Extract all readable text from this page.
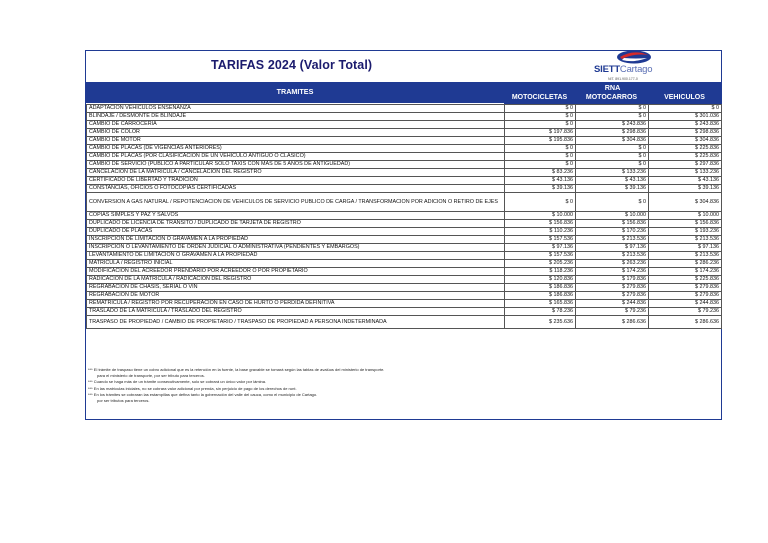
TARIFAS 2024 (Valor Total)	SIETTCartago
NIT. 891.900.177-0
TRAMITES	RNA
MOTOCICLETAS	MOTOCARROS	VEHICULOS
ADAPTACION VEHICULOS ENSEÑANZA	$ 0	$ 0	$ 0
BLINDAJE / DESMONTE DE BLINDAJE	$ 0	$ 0	$ 301.036
CAMBIO DE CARROCERIA	$ 0	$ 243.836	$ 243.836
CAMBIO DE COLOR	$ 197.836	$ 298.836	$ 298.836
CAMBIO DE MOTOR	$ 195.836	$ 304.836	$ 304.836
CAMBIO DE PLACAS (DE VIGENCIAS ANTERIORES)	$ 0	$ 0	$ 225.836
CAMBIO DE PLACAS (POR CLASIFICACION DE UN VEHICULO ANTIGUO O CLASICO)	$ 0	$ 0	$ 225.836
CAMBIO DE SERVICIO (PUBLICO A PARTICULAR SOLO TAXIS CON MAS DE 5 AÑOS DE ANTIGUEDAD)	$ 0	$ 0	$ 297.836
CANCELACION DE LA MATRICULA / CANCELACION DEL REGISTRO	$ 83.236	$ 133.236	$ 133.236
CERTIFICADO DE LIBERTAD Y TRADICION	$ 43.136	$ 43.136	$ 43.136
CONSTANCIAS, OFICIOS O FOTOCOPIAS CERTIFICADAS	$ 39.136	$ 39.136	$ 39.136
CONVERSION A GAS NATURAL / REPOTENCIACION DE VEHICULOS DE SERVICIO PUBLICO DE CARGA / TRANSFORMACION POR ADICION O RETIRO DE EJES	$ 0	$ 0	$ 304.836
COPIAS SIMPLES Y PAZ Y SALVOS	$ 10.000	$ 10.000	$ 10.000
DUPLICADO DE LICENCIA DE TRANSITO / DUPLICADO DE TARJETA DE REGISTRO	$ 156.836	$ 156.836	$ 156.836
DUPLICADO DE PLACAS	$ 110.236	$ 170.236	$ 193.236
INSCRIPCION DE LIMITACION O GRAVAMEN A LA PROPIEDAD	$ 157.536	$ 213.536	$ 213.536
INSCRIPCION O LEVANTAMIENTO DE ORDEN JUDICIAL O ADMINISTRATIVA (PENDIENTES Y EMBARGOS)	$ 97.136	$ 97.136	$ 97.136
LEVANTAMIENTO DE LIMITACION O GRAVAMEN A LA PROPIEDAD	$ 157.536	$ 213.536	$ 213.536
MATRICULA / REGISTRO INICIAL	$ 205.236	$ 263.236	$ 286.236
MODIFICACION DEL ACREEDOR PRENDARIO POR ACREEDOR O POR PROPIETARIO	$ 118.236	$ 174.236	$ 174.236
RADICACION DE LA MATRICULA / RADICACION DEL REGISTRO	$ 120.836	$ 179.836	$ 225.836
REGRABACION DE CHASIS, SERIAL O VIN	$ 186.836	$ 279.836	$ 279.836
REGRABACION DE MOTOR	$ 186.836	$ 279.836	$ 279.836
REMATRICULA / REGISTRO POR RECUPERACION EN CASO DE HURTO O PERDIDA DEFINITIVA	$ 165.836	$ 244.836	$ 244.836
TRASLADO DE LA MATRICULA / TRASLADO DEL REGISTRO	$ 78.236	$ 79.236	$ 79.236
TRASPASO DE PROPIEDAD / CAMBIO DE PROPIETARIO / TRASPASO DE PROPIEDAD A PERSONA INDETERMINADA	$ 235.636	$ 286.636	$ 286.636
*** El trámite de traspaso tiene un cobro adicional que es la retención en la fuente, la base gravable se tomará según las tablas de avalúos del ministerio de transporte.
para el ministerio de transporte, por ser tributo para terceros.
*** Cuando se haga más de un trámite consecutivamente, solo se cobrará un único valor por lámina.
*** En las matrículas iniciales, no se cobrara valor adicional por prenda, sin perjuicio de pago de los derechos de runt.
*** En los trámites se cobraran las estampillas que defina tanto la gobernación del valle del cauca, como el municipio de Cartago.
por ser tributos para terceros.
